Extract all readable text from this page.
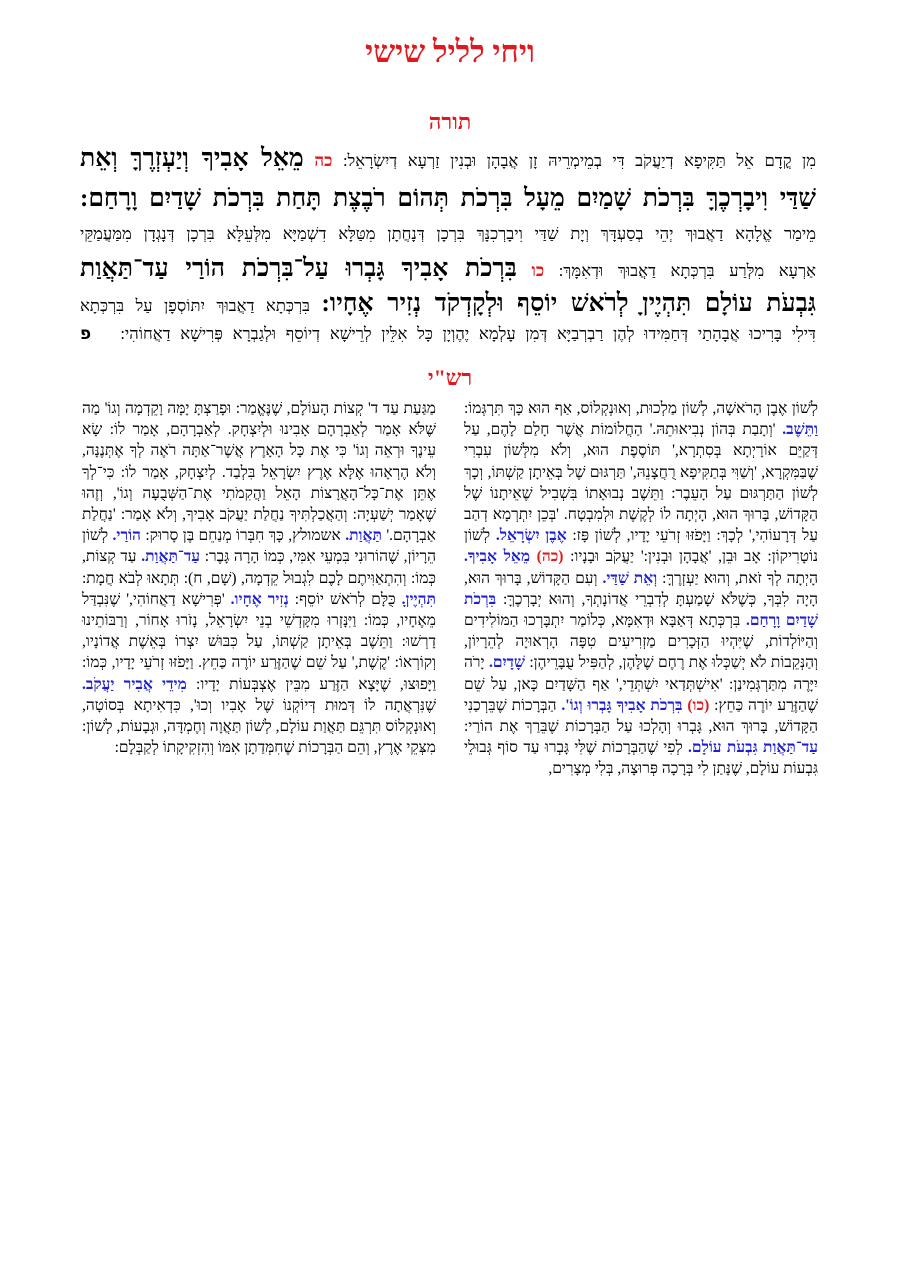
ויחי לליל שישי
תורה
מִן קֳדָם אֵל תַּקִּיפָא דְיַעֲקֹב דִּי בְמֵימְרֵיהּ זָן אֲבָהָן וּבְנִין זַרְעָא דְיִשְׂרָאֵל: כה מֵאֵל אָבִיךָ וְיַעְזְרֶךָּ וְאֵת
שַׁדַּי וִיבָרְכֶךָּ בִּרְכֹת שָׁמַיִם מֵעָל בִּרְכֹת תְּהוֹם רֹבֶצֶת תָּחַת בִּרְכֹת שָׁדַיִם וָרָחַם:
מֵימַר אֱלָהָא דַאֲבוּךְ יְהֵי בְסַעְדָּךְ וְיָת שַׁדַּי וִיבָרְכִנָּךְ בִּרְכָן דְּנָחֲתָן מִטַּלָּא דִשְׁמַיָּא מִלְּעֵלָּא בִּרְכָן דְּנָגְדָן מִמַּעֲמַקֵּי
אַרְעָא מִלְּרַע בִּרְכְּתָא דַאֲבוּךְ וּדְאִמָּךְ: כו בִּרְכֹת אָבִיךָ גָּבְרוּ עַל־בִּרְכֹת הוֹרַי עַד־תַּאֲוַת
גִּבְעֹת עוֹלָם תִּהְיֶיןָ לְרֹאשׁ יוֹסֵף וּלְקָדְקֹד נְזִיר אֶחָיו: בִּרְכְּתָא דַאֲבוּךְ יִתּוֹסְפָן עַל בִּרְכְּתָא
דִּילִי בָּרִיכוּ אֲבָהָתַי דְּחַמִּידוּ לְהֶן רַבְרְבַיָּא דְּמִן עָלְמָא יֶהֶוְיָן כָּל אִלֵּין לְרֵישָׁא דְיוֹסֵף וּלְגַבְרָא פְּרִישָׁא דַאֲחוֹהִי:   פ
רש"י
לְשׁוֹן אֶבֶן הָרֹאשָׁה, לְשׁוֹן מַלְכוּת, וְאוּנְקְלוֹס, אַף הוּא כָּךְ תִּרְגְּמוֹ: וַתֵּשֶׁב. 'וְתָבַת בְּהוֹן נְבִיאוּתֵהּ.' הַחֲלוֹמוֹת אֲשֶׁר חָלַם לָהֶם, עַל דְּקַיֵּם אוֹרָיְתָא בְּסִתְרָא,' תּוֹסֶפֶת הוּא, וְלֹא מִלְּשׁוֹן עִבְרִי שֶׁבַּמִּקְרָא, 'וְשַׁוִּי בְּתַקִּיפָא רֻחֲצָנֵהּ,' תַּרְגּוּם שֶׁל בְּאֵיתָן קַשְׁתּוֹ, וְכָךְ לְשׁוֹן הַתַּרְגּוּם עַל הָעֵבֶר: וַתֵּשֶׁב נְבוּאָתוֹ בִּשְׁבִיל שֶׁאֵיתָנוֹ שֶׁל הַקָּדוֹשׁ, בָּרוּךְ הוּא, הָיְתָה לוֹ לְקֶשֶׁת וּלְמִבְטָח. 'בְּכֵן יִתְרְמָא דְהַב עַל דְּרָעוֹהִי,' לְכָךְ: וַיָּפֹזּוּ זְרֹעֵי יָדָיו, לְשׁוֹן פָּז: אֶבֶן יִשְׂרָאֵל. לְשׁוֹן נוֹטָרִיקוֹן: אָב וּבֵן, 'אֲבָהָן וּבְנִין:' יַעֲקֹב וּבָנָיו: (כה) מֵאֵל אָבִיךָ. הָיְתָה לְךָ זֹאת, וְהוּא יַעְזְרֶךָּ: וְאֵת שַׁדַּי. וְעִם הַקָּדוֹשׁ, בָּרוּךְ הוּא, הָיָה לִבְּךָ, כְּשֶׁלֹּא שָׁמַעְתָּ לְדִבְרֵי אֲדוֹנָתְךָ, וְהוּא יְבָרְכֶךָּ: בִּרְכֹת שָׁדַיִם וָרָחַם. בִּרְכְּתָא דְּאַבָּא וּדְאִמָּא, כְּלוֹמַר יִתְבָּרְכוּ הַמּוֹלִידִים וְהַיּוֹלְדוֹת, שֶׁיִּהְיוּ הַזְּכָרִים מַזְרִיעִים טִפָּה הָרְאוּיָה לְהֵרָיוֹן, וְהַנְּקֵבוֹת לֹא יְשַׁכְּלוּ אֶת רֶחֶם שֶׁלָּהֶן, לְהַפִּיל עֻבָּרֵיהֶן: שָׁדָיִם. יָרֹה יִיָּרֶה מִתַּרְגְּמִינַן: 'אִישְׁתְּדַאי יִשְׁתְּדֵי,' אַף הַשָּׁדַיִם כָּאן, עַל שֵׁם שֶׁהַזֶּרַע יוֹרֶה כַּחֵץ: (כו) בִּרְכֹת אָבִיךָ גָּבְרוּ וְגוֹ'. הַבְּרָכוֹת שֶׁבֵּרְכַנִי הַקָּדוֹשׁ, בָּרוּךְ הוּא, גָּבְרוּ וְהָלְכוּ עַל הַבְּרָכוֹת שֶׁבֵּרַךְ אֶת הוֹרַי: עַד־תַּאֲוַת גִּבְעֹת עוֹלָם. לְפִי שֶׁהַבְּרָכוֹת שֶׁלִּי גָּבְרוּ עַד סוֹף גְּבוּלֵי גִּבְעוֹת עוֹלָם, שֶׁנָּתַן לִי בְּרָכָה פְּרוּצָה, בְּלִי מְצָרִים,
מַגַּעַת עַד ד' קְצוֹת הָעוֹלָם, שֶׁנֶּאֱמַר: וּפָרַצְתָּ יָמָּה וָקֵדְמָה וְגוֹ' מַה שֶּׁלֹּא אָמַר לְאַבְרָהָם אָבִינוּ וּלְיִצְחָק. לְאַבְרָהָם, אָמַר לוֹ: שָׂא עֵינֶךָ וּרְאֵה וְגוֹ' כִּי אֶת כָּל הָאָרֶץ אֲשֶׁר־אַתָּה רֹאֶה לְךָ אֶתְּנֶנָּה, וְלֹא הֶרְאָהוּ אֶלָּא אֶרֶץ יִשְׂרָאֵל בִּלְבַד. לְיִצְחָק, אָמַר לוֹ: כִּי־לְךָ אֶתֵּן אֶת־כָּל־הָאֲרָצוֹת הָאֵל וַהֲקִמֹתִי אֶת־הַשְּׁבֻעָה וְגוֹ', וְזֶהוּ שֶׁאָמַר יְשַׁעְיָה: וְהַאֲכַלְתִּיךָ נַחֲלַת יַעֲקֹב אָבִיךָ, וְלֹא אָמַר: 'נַחֲלַת אַבְרָהָם.' תַּאֲוַת. אשמולץ, כָּךְ חִבְּרוֹ מְנַחֵם בֶּן סָרוּק: הוֹרַי. לְשׁוֹן הֵרָיוֹן, שֶׁהוֹרוּנִי בִּמְעֵי אִמִּי, כְּמוֹ הָרָה גָּבֶר: עַד־תַּאֲוַת. עַד קְצוֹת, כְּמוֹ: וְהִתְאַוִּיתֶם לָכֶם לִגְבוּל קֵדְמָה, (שָׁם, ח): תְּתָאוּ לְבֹא חֲמָת: תִּהְיֶיןָ. כֻּלָּם לְרֹאשׁ יוֹסֵף: נְזִיר אֶחָיו. 'פְּרִישָׁא דַאֲחוֹהִי,' שֶׁנִּבְדַּל מֵאֶחָיו, כְּמוֹ: וַיִּנָּזְרוּ מִקָּדְשֵׁי בְנֵי יִשְׂרָאֵל, נָזֹרוּ אָחוֹר, וְרַבּוֹתֵינוּ דָרְשׁוּ: וַתֵּשֶׁב בְּאֵיתָן קַשְׁתּוֹ, עַל כִּבּוּשׁ יִצְרוֹ בְּאֵשֶׁת אֲדוֹנָיו, וְקוֹרְאוֹ: 'קֶשֶׁת,' עַל שֵׁם שֶׁהַזֶּרַע יוֹרֶה כַּחֵץ. וַיָּפֹזּוּ זְרֹעֵי יָדָיו, כְּמוֹ: וַיָּפוּצוּ, שֶׁיָּצָא הַזֶּרַע מִבֵּין אֶצְבְּעוֹת יָדָיו: מִידֵי אֲבִיר יַעֲקֹב. שֶׁנִּרְאֲתָה לוֹ דְּמוּת דְּיוֹקְנוֹ שֶׁל אָבִיו וְכוּ', כִּדְאִיתָא בְּסוֹטָה, וְאוּנְקְלוֹס תִּרְגֵּם תַּאֲוַת עוֹלָם, לְשׁוֹן תַּאֲוָה וְחֶמְדָּה, וּגְבָעוֹת, לְשׁוֹן: מִצְּקֵי אֶרֶץ, וְהֵם הַבְּרָכוֹת שֶׁחִמְּדַתָן אִמּוֹ וְהִזְקִיקָתוֹ לְקַבְּלָם:
